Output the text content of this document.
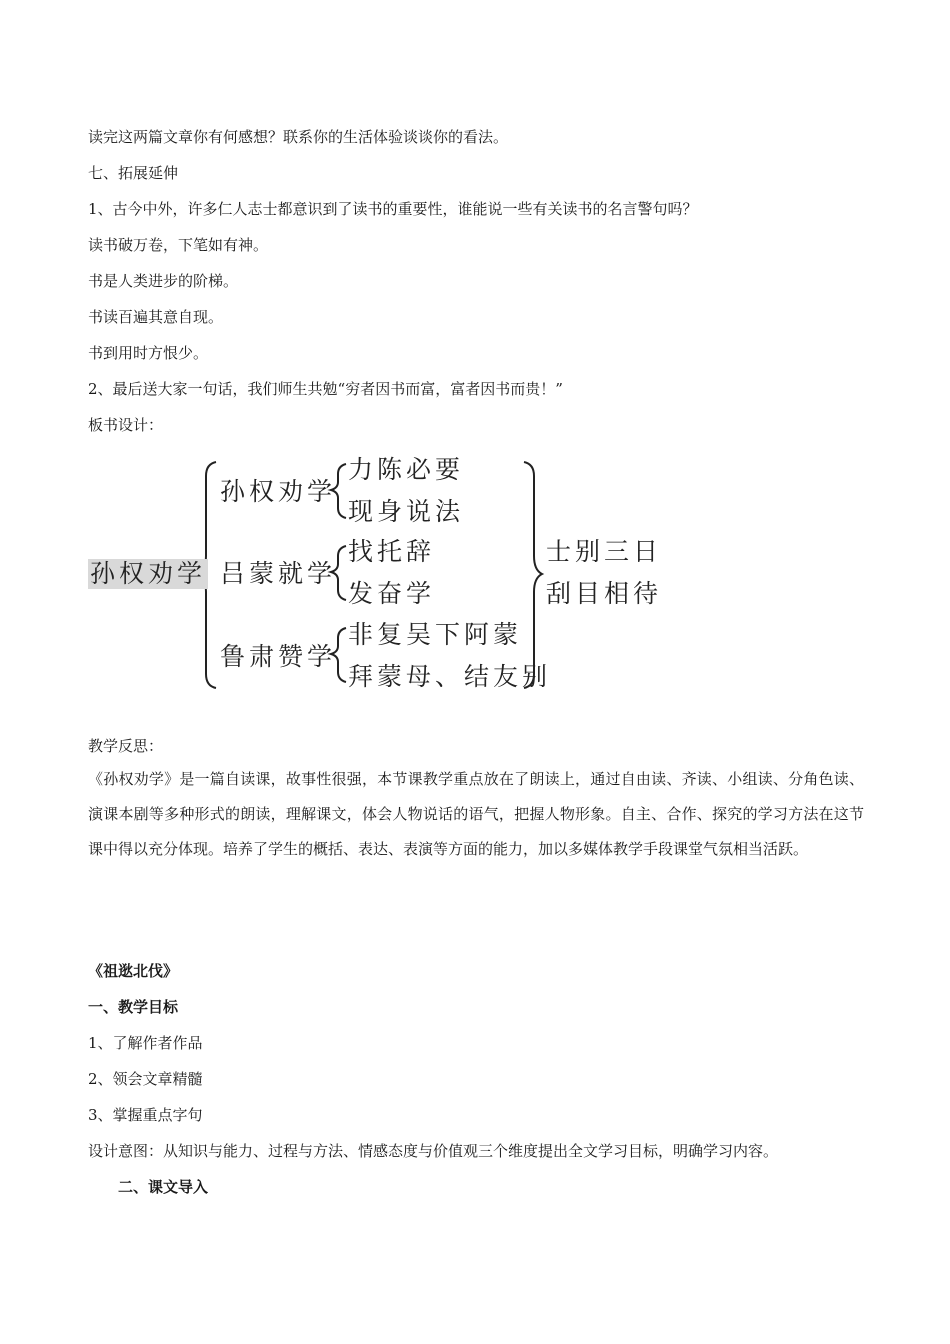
读完这两篇文章你有何感想？联系你的生活体验谈谈你的看法。
七、拓展延伸
1、古今中外，许多仁人志士都意识到了读书的重要性，谁能说一些有关读书的名言警句吗？
读书破万卷，下笔如有神。
书是人类进步的阶梯。
书读百遍其意自现。
书到用时方恨少。
2、最后送大家一句话，我们师生共勉“穷者因书而富，富者因书而贵！”
板书设计：
孙权劝学
孙权劝学
力陈必要
现身说法
吕蒙就学
找托辞
发奋学
鲁肃赞学
非复吴下阿蒙
拜蒙母、结友别
士别三日
刮目相待
教学反思：
《孙权劝学》是一篇自读课，故事性很强，本节课教学重点放在了朗读上，通过自由读、齐读、小组读、分角色读、演课本剧等多种形式的朗读，理解课文，体会人物说话的语气，把握人物形象。自主、合作、探究的学习方法在这节课中得以充分体现。培养了学生的概括、表达、表演等方面的能力，加以多媒体教学手段课堂气氛相当活跃。
《祖逖北伐》
一、教学目标
1、了解作者作品
2、领会文章精髓
3、掌握重点字句
设计意图：从知识与能力、过程与方法、情感态度与价值观三个维度提出全文学习目标，明确学习内容。
二、课文导入
